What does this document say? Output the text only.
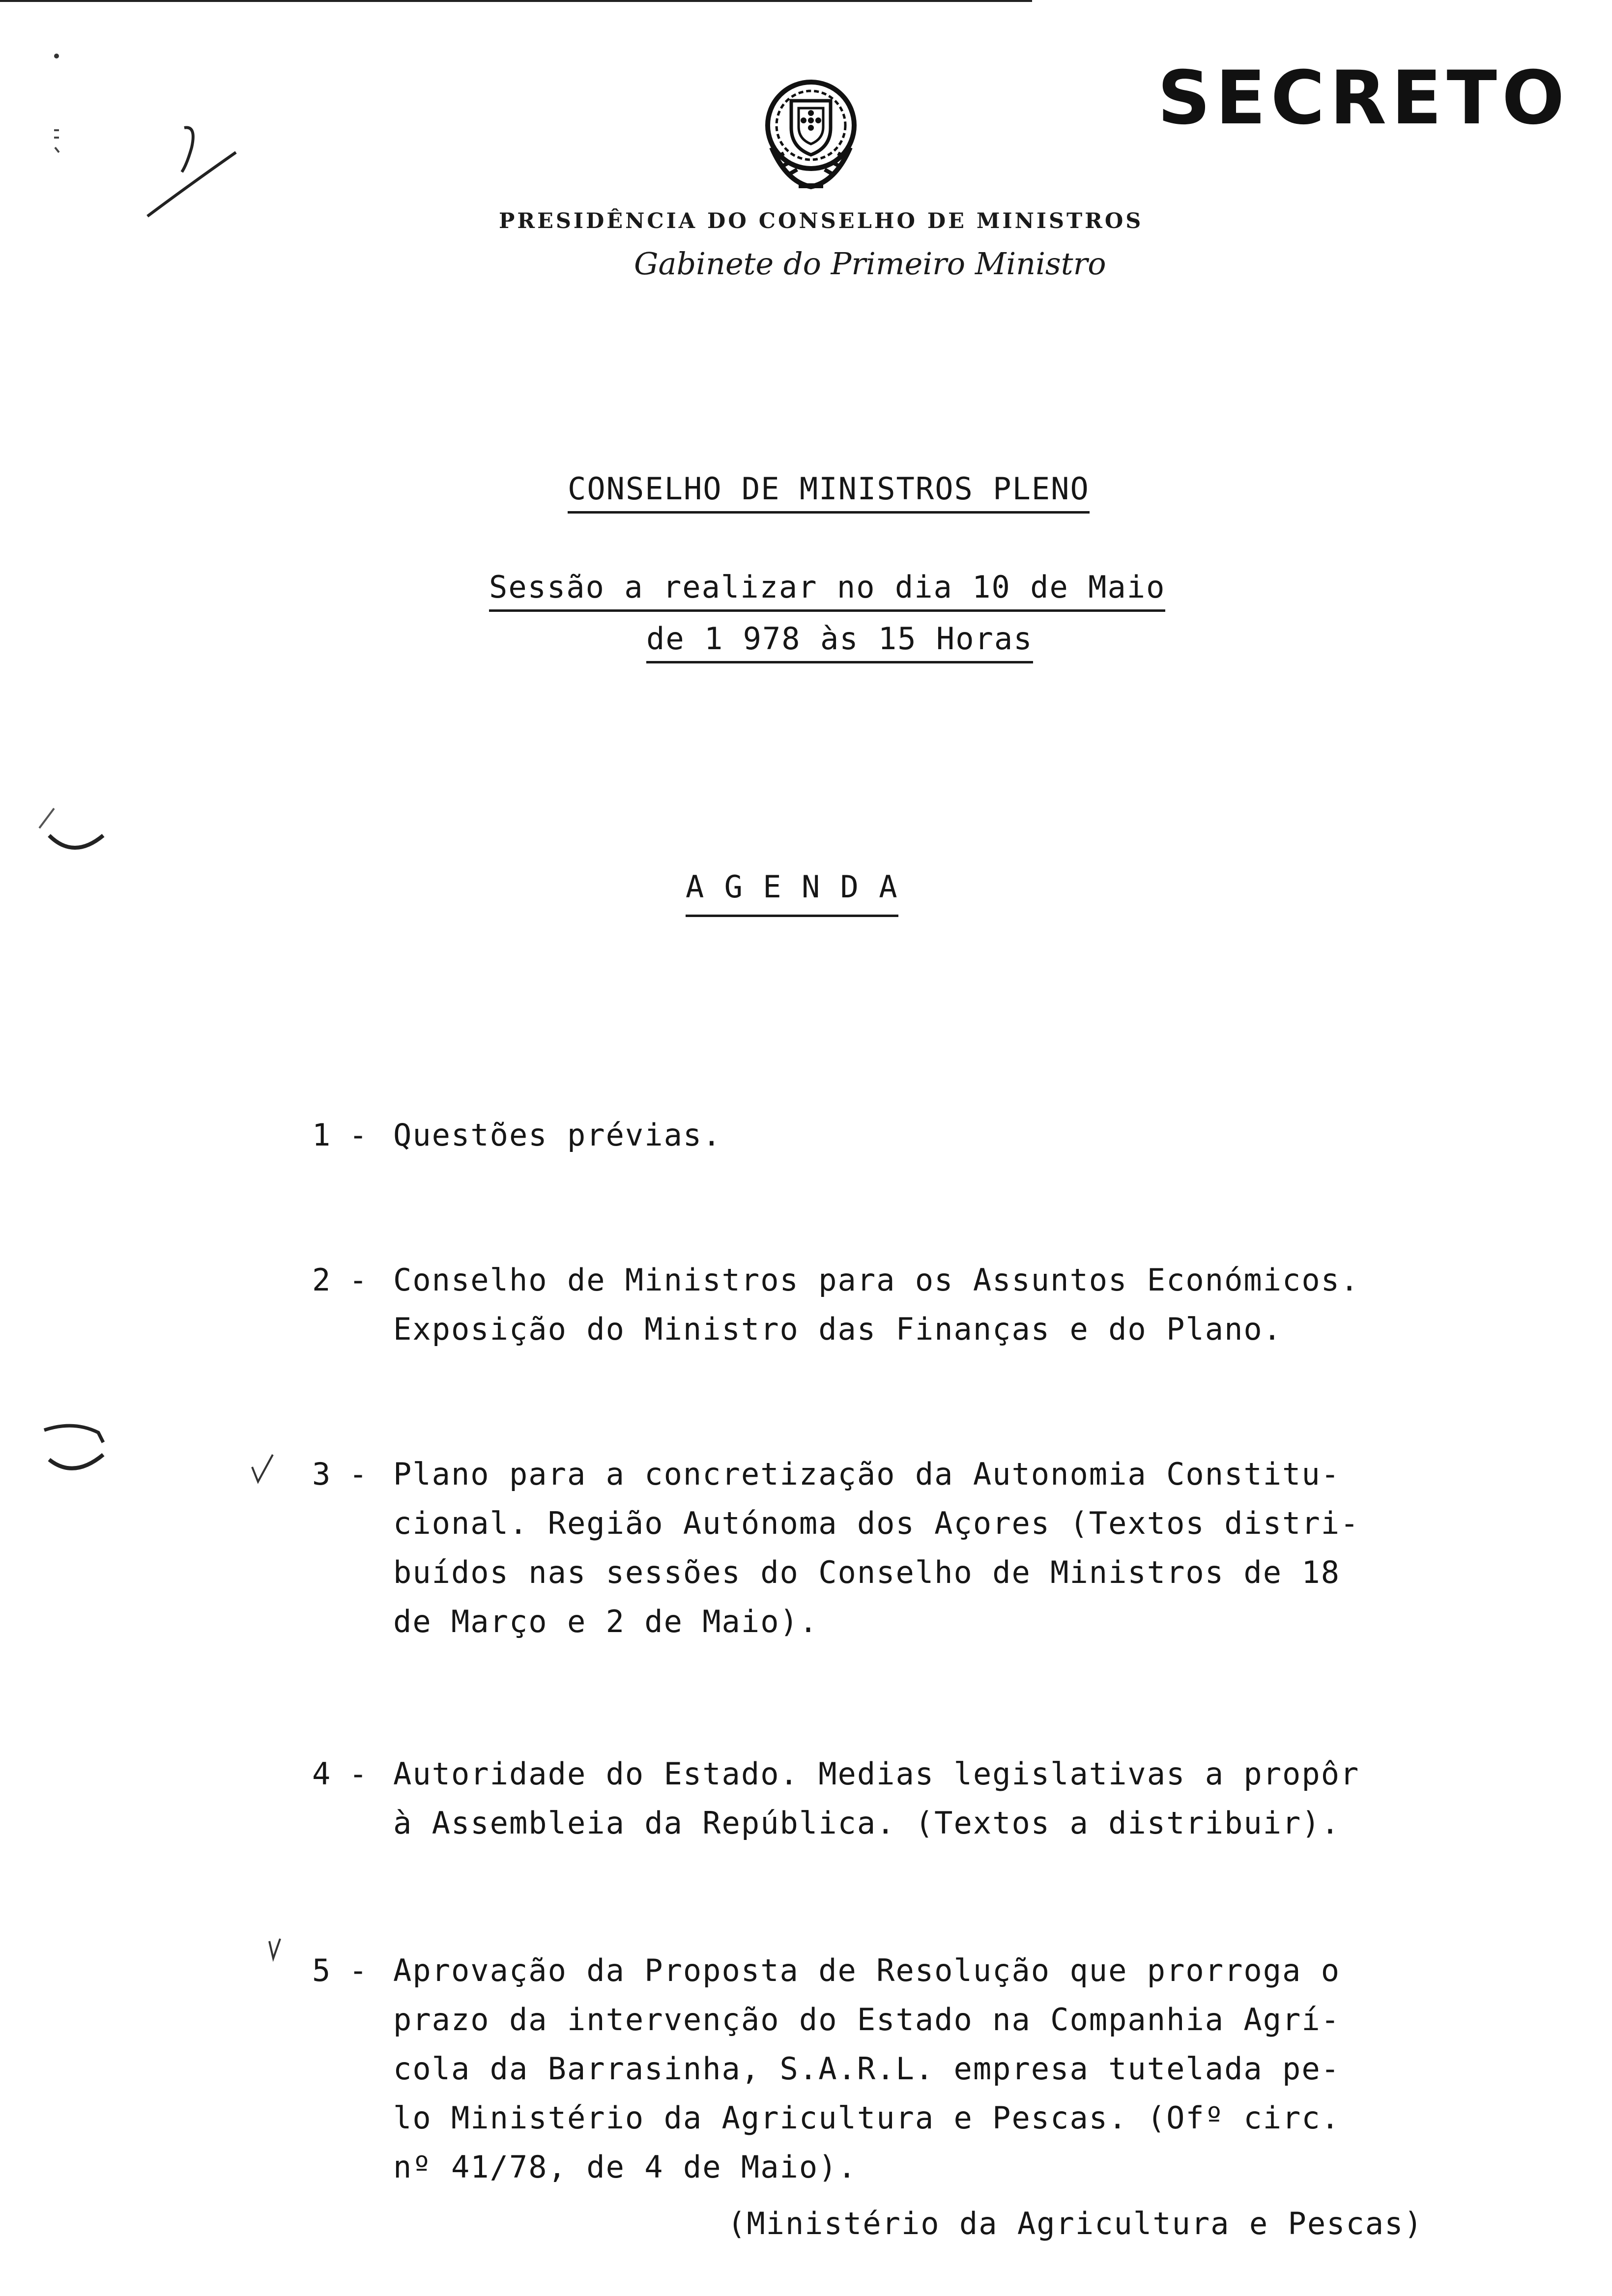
SECRETO
PRESIDÊNCIA DO CONSELHO DE MINISTROS
Gabinete do Primeiro Ministro
CONSELHO DE MINISTROS PLENO
Sessão a realizar no dia 10 de Maio
de 1 978 às 15 Horas
A G E N D A
1 - Questões prévias.
2 - Conselho de Ministros para os Assuntos Económicos.
Exposição do Ministro das Finanças e do Plano.
3 - Plano para a concretização da Autonomia Constitu-
cional. Região Autónoma dos Açores (Textos distri-
buídos nas sessões do Conselho de Ministros de 18
de Março e 2 de Maio).
4 - Autoridade do Estado. Medias legislativas a propôr
à Assembleia da República. (Textos a distribuir).
5 - Aprovação da Proposta de Resolução que prorroga o
prazo da intervenção do Estado na Companhia Agrí-
cola da Barrasinha, S.A.R.L. empresa tutelada pe-
lo Ministério da Agricultura e Pescas. (Ofº circ.
nº 41/78, de 4 de Maio).
(Ministério da Agricultura e Pescas)
